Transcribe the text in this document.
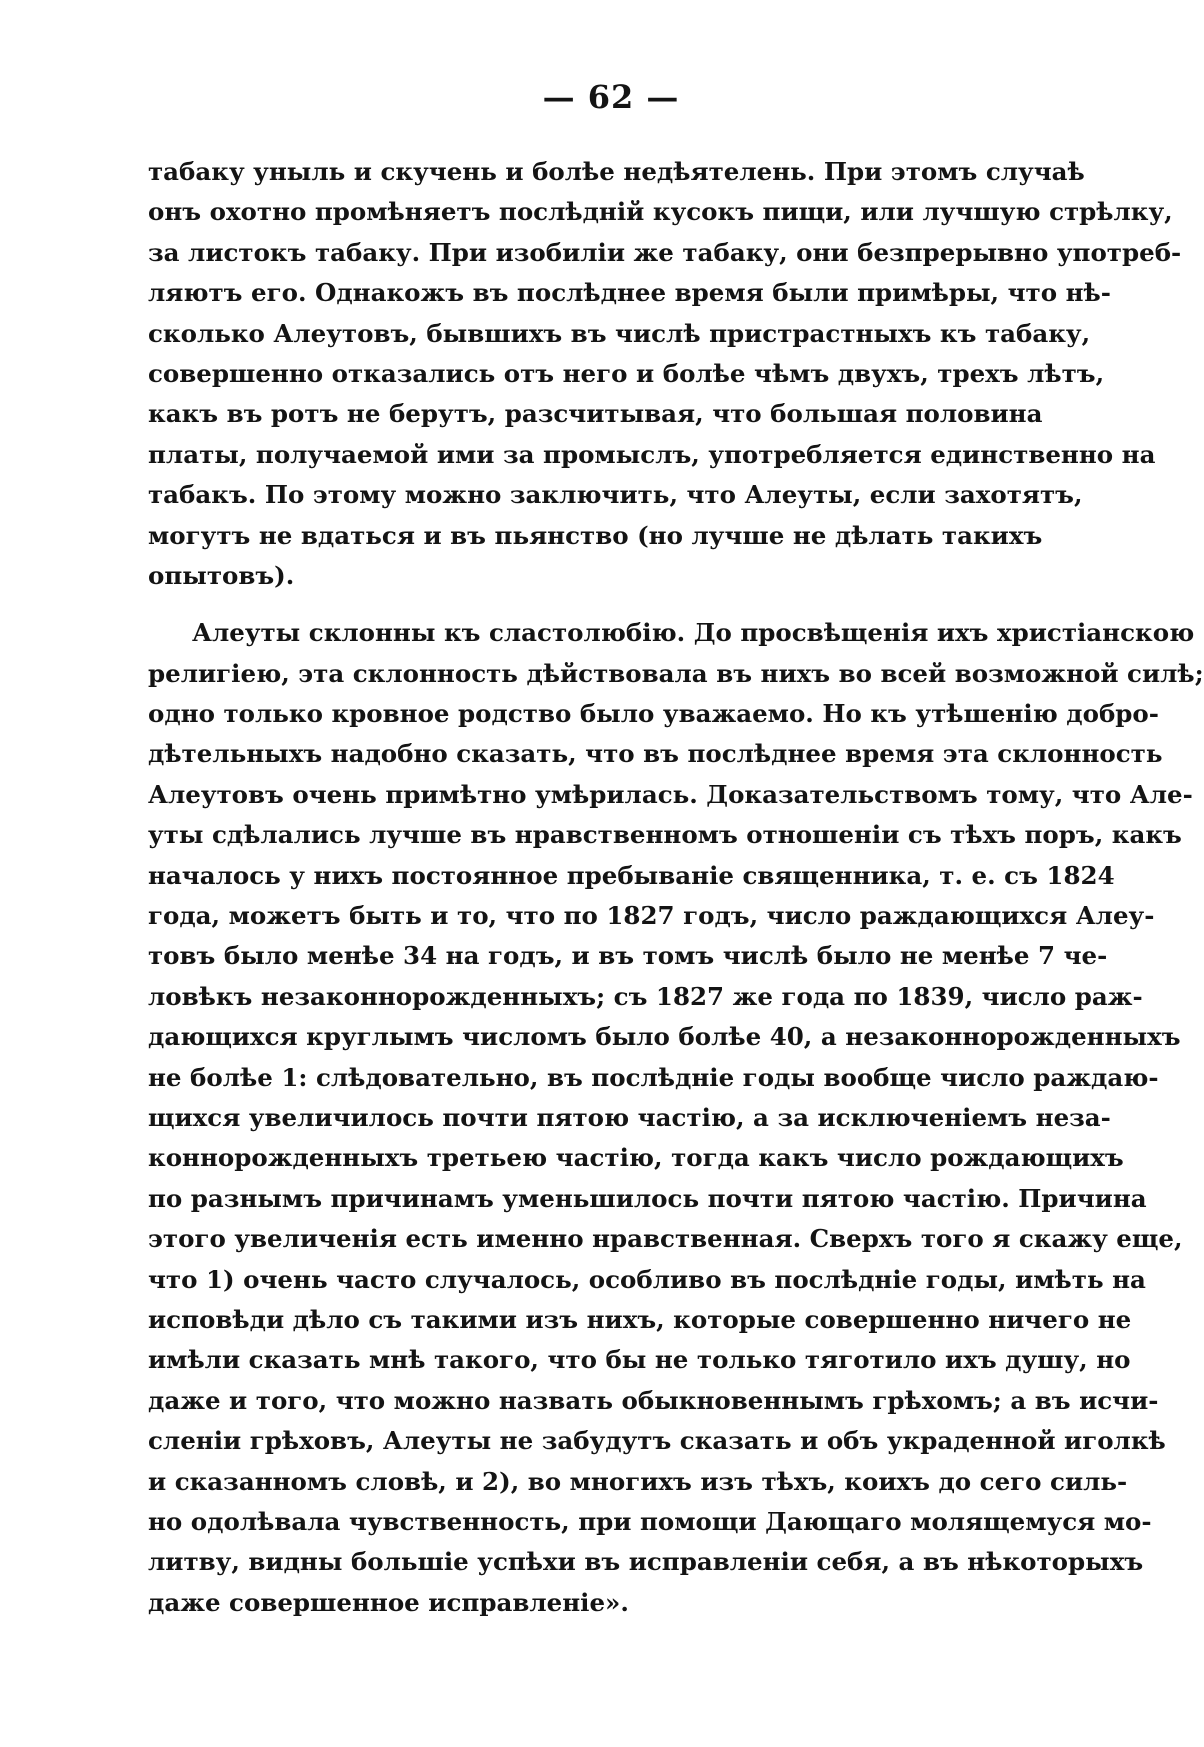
— 62 —
табаку уныль и скучень и болѣе недѣятелень. При этомъ случаѣ
онъ охотно промѣняетъ послѣдній кусокъ пищи, или лучшую стрѣлку,
за листокъ табаку. При изобиліи же табаку, они безпрерывно употреб-
ляютъ его. Однакожъ въ послѣднее время были примѣры, что нѣ-
сколько Алеутовъ, бывшихъ въ числѣ пристрастныхъ къ табаку,
совершенно отказались отъ него и болѣе чѣмъ двухъ, трехъ лѣтъ,
какъ въ ротъ не берутъ, разсчитывая, что большая половина
платы, получаемой ими за промыслъ, употребляется единственно на
табакъ. По этому можно заключить, что Алеуты, если захотятъ,
могутъ не вдаться и въ пьянство (но лучше не дѣлать такихъ
опытовъ).
Алеуты склонны къ сластолюбію. До просвѣщенія ихъ христіанскою
религіею, эта склонность дѣйствовала въ нихъ во всей возможной силѣ;
одно только кровное родство было уважаемо. Но къ утѣшенію добро-
дѣтельныхъ надобно сказать, что въ послѣднее время эта склонность
Алеутовъ очень примѣтно умѣрилась. Доказательствомъ тому, что Але-
уты сдѣлались лучше въ нравственномъ отношеніи съ тѣхъ поръ, какъ
началось у нихъ постоянное пребываніе священника, т. е. съ 1824
года, можетъ быть и то, что по 1827 годъ, число раждающихся Алеу-
товъ было менѣе 34 на годъ, и въ томъ числѣ было не менѣе 7 че-
ловѣкъ незаконнорожденныхъ; съ 1827 же года по 1839, число раж-
дающихся круглымъ числомъ было болѣе 40, а незаконнорожденныхъ
не болѣе 1: слѣдовательно, въ послѣдніе годы вообще число раждаю-
щихся увеличилось почти пятою частію, а за исключеніемъ неза-
коннорожденныхъ третьею частію, тогда какъ число рождающихъ
по разнымъ причинамъ уменьшилось почти пятою частію. Причина
этого увеличенія есть именно нравственная. Сверхъ того я скажу еще,
что 1) очень часто случалось, особливо въ послѣдніе годы, имѣть на
исповѣди дѣло съ такими изъ нихъ, которые совершенно ничего не
имѣли сказать мнѣ такого, что бы не только тяготило ихъ душу, но
даже и того, что можно назвать обыкновеннымъ грѣхомъ; а въ исчи-
сленіи грѣховъ, Алеуты не забудутъ сказать и объ украденной иголкѣ
и сказанномъ словѣ, и 2), во многихъ изъ тѣхъ, коихъ до сего силь-
но одолѣвала чувственность, при помощи Дающаго молящемуся мо-
литву, видны большіе успѣхи въ исправленіи себя, а въ нѣкоторыхъ
даже совершенное исправленіе».
